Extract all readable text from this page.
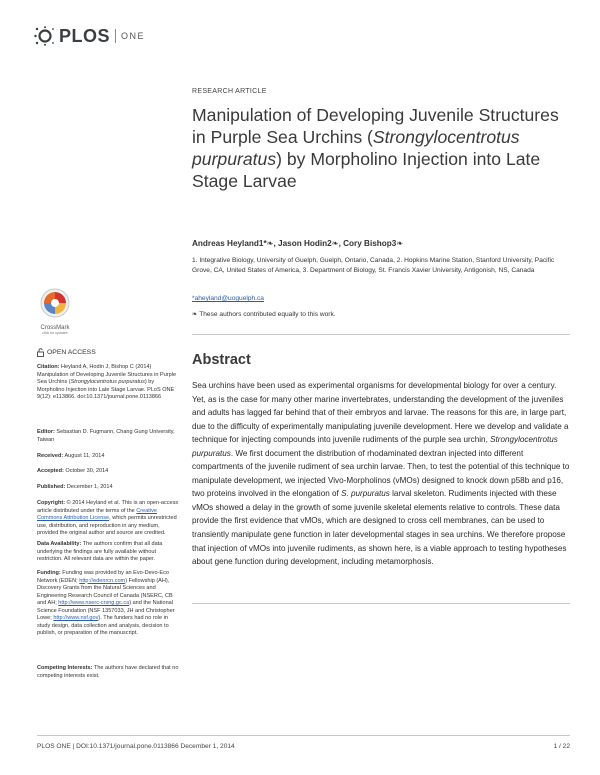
PLOS ONE
RESEARCH ARTICLE
Manipulation of Developing Juvenile Structures in Purple Sea Urchins (Strongylocentrotus purpuratus) by Morpholino Injection into Late Stage Larvae
Andreas Heyland1*❧, Jason Hodin2❧, Cory Bishop3❧
1. Integrative Biology, University of Guelph, Guelph, Ontario, Canada, 2. Hopkins Marine Station, Stanford University, Pacific Grove, CA, United States of America, 3. Department of Biology, St. Francis Xavier University, Antigonish, NS, Canada
*aheyland@uoguelph.ca
❧ These authors contributed equally to this work.
Abstract

Sea urchins have been used as experimental organisms for developmental biology for over a century. Yet, as is the case for many other marine invertebrates, understanding the development of the juveniles and adults has lagged far behind that of their embryos and larvae. The reasons for this are, in large part, due to the difficulty of experimentally manipulating juvenile development. Here we develop and validate a technique for injecting compounds into juvenile rudiments of the purple sea urchin, Strongylocentrotus purpuratus. We first document the distribution of rhodaminated dextran injected into different compartments of the juvenile rudiment of sea urchin larvae. Then, to test the potential of this technique to manipulate development, we injected Vivo-Morpholinos (vMOs) designed to knock down p58b and p16, two proteins involved in the elongation of S. purpuratus larval skeleton. Rudiments injected with these vMOs showed a delay in the growth of some juvenile skeletal elements relative to controls. These data provide the first evidence that vMOs, which are designed to cross cell membranes, can be used to transiently manipulate gene function in later developmental stages in sea urchins. We therefore propose that injection of vMOs into juvenile rudiments, as shown here, is a viable approach to testing hypotheses about gene function during development, including metamorphosis.

CrossMark
click for updates
OPEN ACCESS
Citation: Heyland A, Hodin J, Bishop C (2014) Manipulation of Developing Juvenile Structures in Purple Sea Urchins (Strongylocentrotus purpuratus) by Morpholino Injection into Late Stage Larvae. PLoS ONE 9(12): e113866. doi:10.1371/journal.pone.0113866
Editor: Sebastian D. Fugmann, Chang Gung University, Taiwan
Received: August 11, 2014
Accepted: October 30, 2014
Published: December 1, 2014
Copyright: © 2014 Heyland et al. This is an open-access article distributed under the terms of the Creative Commons Attribution License, which permits unrestricted use, distribution, and reproduction in any medium, provided the original author and source are credited.
Data Availability: The authors confirm that all data underlying the findings are fully available without restriction. All relevant data are within the paper.
Funding: Funding was provided by an Evo-Devo-Eco Network (EDEN; http://edenrcn.com) Fellowship (AH), Discovery Grants from the Natural Sciences and Engineering Research Council of Canada (NSERC, CB and AH; http://www.nserc-crsng.gc.ca) and the National Science Foundation (NSF 1357033, JH and Christopher Lowe; http://www.nsf.gov). The funders had no role in study design, data collection and analysis, decision to publish, or preparation of the manuscript.
Competing Interests: The authors have declared that no competing interests exist.
PLOS ONE | DOI:10.1371/journal.pone.0113866 December 1, 2014	1 / 22
